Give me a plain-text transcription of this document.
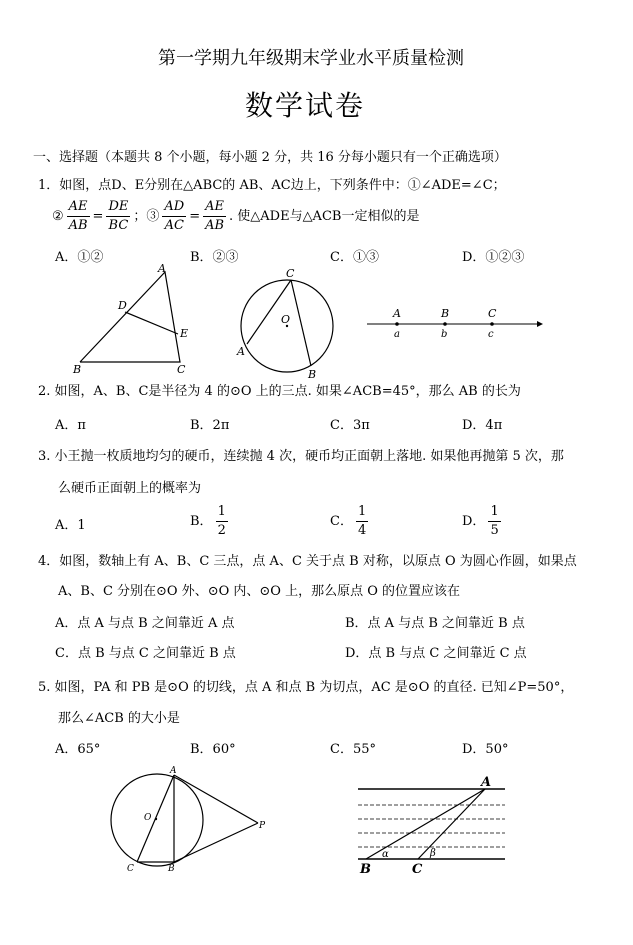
第一学期九年级期末学业水平质量检测
数学试卷
一、选择题（本题共 8 个小题，每小题 2 分，共 16 分每小题只有一个正确选项）
1．如图，点D、E分别在△ABC的 AB、AC边上，下列条件中：①∠ADE=∠C；
② $\frac{AE}{AB} = \frac{DE}{BC}$ ；③ $\frac{AD}{AC} = \frac{AE}{AB}$ . 使△ADE与△ACB一定相似的是
A．①②	B．②③	C．①③	D．①②③
A
B	C
D
E
C
A
B
O	A	B	C
a	b	c
2. 如图，A、B、C是半径为 4 的⊙O 上的三点. 如果∠ACB=45°，那么 AB 的长为
A．π	B．2π	C．3π	D．4π
3. 小王抛一枚质地均匀的硬币，连续抛 4 次，硬币均正面朝上落地. 如果他再抛第 5 次，那
么硬币正面朝上的概率为
A．1	B． $\frac{1}{2}$	C． $\frac{1}{4}$	D． $\frac{1}{5}$
4．如图，数轴上有 A、B、C 三点，点 A、C 关于点 B 对称，以原点 O 为圆心作圆，如果点
A、B、C 分别在⊙O 外、⊙O 内、⊙O 上，那么原点 O 的位置应该在
A．点 A 与点 B 之间靠近 A 点	B．点 A 与点 B 之间靠近 B 点
C．点 B 与点 C 之间靠近 B 点	D．点 B 与点 C 之间靠近 C 点
5. 如图，PA 和 PB 是⊙O 的切线，点 A 和点 B 为切点，AC 是⊙O 的直径. 已知∠P=50°，
那么∠ACB 的大小是
A．65°	B．60°	C．55°	D．50°
A
C	B
O
P
A
B	C
α	β
